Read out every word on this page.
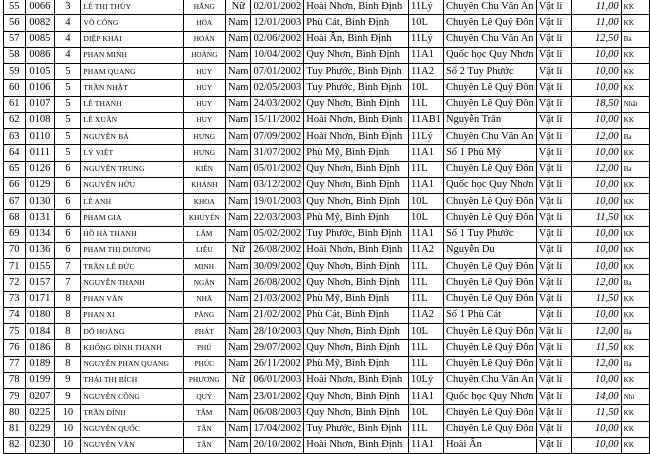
55	0066	3	LÊ THỊ THÚY	HẰNG	Nữ	02/01/2002	Hoài Nhơn, Bình Định	11Lý	Chuyên Chu Văn An	Vật lí	11,00	KK
56	0082	4	VÕ CÔNG	HÒA	Nam	12/01/2003	Phù Cát, Bình Định	10L	Chuyên Lê Quý Đôn	Vật lí	11,00	KK
57	0085	4	DIỆP KHẢI	HOÀN	Nam	02/06/2002	Hoài Ân, Bình Định	11Lý	Chuyên Chu Văn An	Vật lí	12,50	Ba
58	0086	4	PHAN MINH	HOÀNG	Nam	10/04/2002	Quy Nhơn, Bình Định	11A1	Quốc học Quy Nhơn	Vật lí	10,00	KK
59	0105	5	PHẠM QUANG	HUY	Nam	07/01/2002	Tuy Phước, Bình Định	11A2	Số 2 Tuy Phước	Vật lí	10,00	KK
60	0106	5	TRẦN NHẬT	HUY	Nam	02/05/2003	Tuy Phước, Bình Định	10L	Chuyên Lê Quý Đôn	Vật lí	10,00	KK
61	0107	5	LÊ THANH	HUY	Nam	24/03/2002	Quy Nhơn, Bình Định	11L	Chuyên Lê Quý Đôn	Vật lí	18,50	Nhất
62	0108	5	LÊ XUÂN	HUY	Nam	15/11/2002	Hoài Nhơn, Bình Định	11AB1	Nguyễn Trân	Vật lí	10,00	KK
63	0110	5	NGUYỄN BÁ	HƯNG	Nam	07/09/2002	Hoài Nhơn, Bình Định	11Lý	Chuyên Chu Văn An	Vật lí	12,00	Ba
64	0111	5	LÝ VIỆT	HƯNG	Nam	31/07/2002	Phù Mỹ, Bình Định	11A1	Số 1 Phù Mỹ	Vật lí	10,00	KK
65	0126	6	NGUYỄN TRUNG	KIÊN	Nam	05/01/2002	Quy Nhơn, Bình Định	11L	Chuyên Lê Quý Đôn	Vật lí	12,00	Ba
66	0129	6	NGUYỄN HỮU	KHÁNH	Nam	03/12/2002	Quy Nhơn, Bình Định	11A1	Quốc học Quy Nhơn	Vật lí	10,00	KK
67	0130	6	LÊ ANH	KHOA	Nam	19/01/2003	Quy Nhơn, Bình Định	10L	Chuyên Lê Quý Đôn	Vật lí	10,00	KK
68	0131	6	PHẠM GIA	KHUYẾN	Nam	22/03/2003	Phù Mỹ, Bình Định	10L	Chuyên Lê Quý Đôn	Vật lí	11,50	KK
69	0134	6	HỒ HÀ THANH	LÂM	Nam	05/02/2002	Tuy Phước, Bình Định	11A1	Số 1 Tuy Phước	Vật lí	10,00	KK
70	0136	6	PHẠM THỊ DƯƠNG	LIỄU	Nữ	26/08/2002	Hoài Nhơn, Bình Định	11A2	Nguyễn Du	Vật lí	10,00	KK
71	0155	7	TRẦN LÊ ĐỨC	MINH	Nam	30/09/2002	Quy Nhơn, Bình Định	11L	Chuyên Lê Quý Đôn	Vật lí	10,00	KK
72	0157	7	NGUYỄN THANH	NGÂN	Nam	26/08/2002	Quy Nhơn, Bình Định	11L	Chuyên Lê Quý Đôn	Vật lí	12,00	Ba
73	0171	8	PHAN VĂN	NHÃ	Nam	21/03/2002	Phù Mỹ, Bình Định	11L	Chuyên Lê Quý Đôn	Vật lí	11,50	KK
74	0180	8	PHAN XI	PĂNG	Nam	21/02/2002	Phù Cát, Bình Định	11A2	Số 1 Phù Cát	Vật lí	10,00	KK
75	0184	8	ĐỖ HOÀNG	PHÁT	Nam	28/10/2003	Quy Nhơn, Bình Định	10L	Chuyên Lê Quý Đôn	Vật lí	12,00	Ba
76	0186	8	KHỔNG ĐÌNH THANH	PHÚ	Nam	29/07/2002	Quy Nhơn, Bình Định	11L	Chuyên Lê Quý Đôn	Vật lí	11,50	KK
77	0189	8	NGUYỄN PHAN QUANG	PHÚC	Nam	26/11/2002	Phù Mỹ, Bình Định	11L	Chuyên Lê Quý Đôn	Vật lí	12,00	Ba
78	0199	9	THÁI THỊ BÍCH	PHƯƠNG	Nữ	06/01/2003	Hoài Nhơn, Bình Định	10Lý	Chuyên Chu Văn An	Vật lí	10,00	KK
79	0207	9	NGUYỄN CÔNG	QUÝ	Nam	23/01/2002	Quy Nhơn, Bình Định	11A1	Quốc học Quy Nhơn	Vật lí	14,00	Nhì
80	0225	10	TRẦN ĐÌNH	TÂM	Nam	06/08/2003	Quy Nhơn, Bình Định	10L	Chuyên Lê Quý Đôn	Vật lí	11,50	KK
81	0229	10	NGUYỄN QUỐC	TÂN	Nam	17/04/2002	Tuy Phước, Bình Định	11L	Chuyên Lê Quý Đôn	Vật lí	10,00	KK
82	0230	10	NGUYỄN VĂN	TÂN	Nam	20/10/2002	Hoài Nhơn, Bình Định	11A1	Hoài Ân	Vật lí	10,00	KK
